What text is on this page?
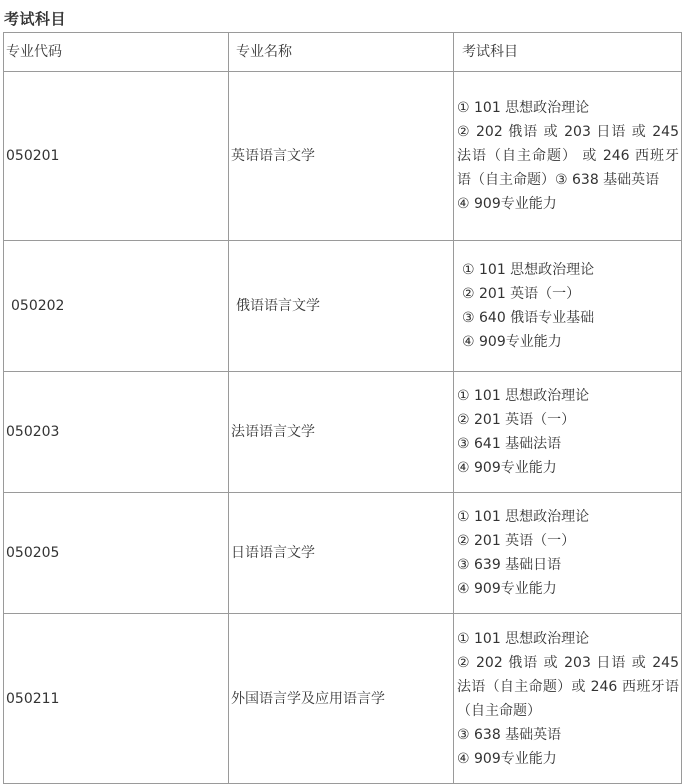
考试科目
专业代码	专业名称	考试科目
050201	英语语言文学	① 101 思想政治理论
② 202 俄语 或 203 日语 或 245 法语（自主命题） 或 246 西班牙语（自主命题）③ 638 基础英语
④ 909专业能力

050202	俄语语言文学	① 101 思想政治理论
② 201 英语（一）
③ 640 俄语专业基础
④ 909专业能力

050203	法语语言文学	① 101 思想政治理论
② 201 英语（一）
③ 641 基础法语
④ 909专业能力

050205	日语语言文学	① 101 思想政治理论
② 201 英语（一）
③ 639 基础日语
④ 909专业能力

050211	外国语言学及应用语言学	① 101 思想政治理论
② 202 俄语 或 203 日语 或 245 法语（自主命题）或 246 西班牙语（自主命题）
③ 638 基础英语
④ 909专业能力
